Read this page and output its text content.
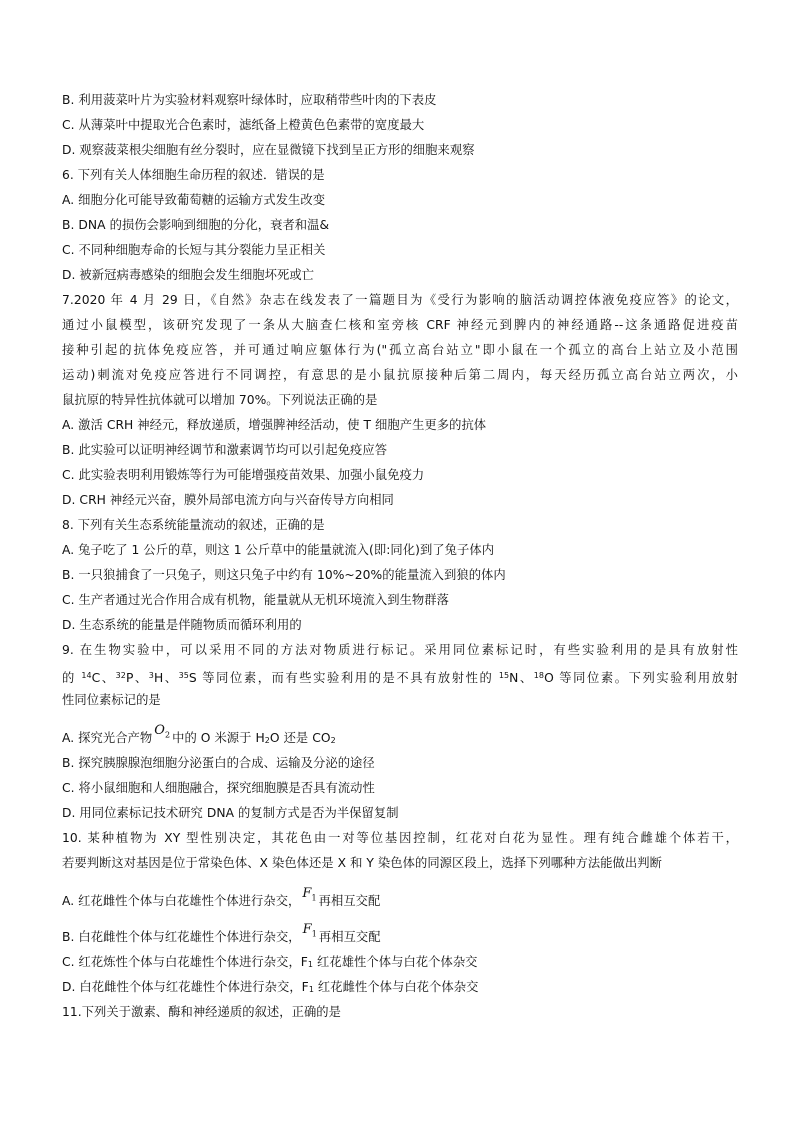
B. 利用菠菜叶片为实验材料观察叶绿体时，应取稍带些叶肉的下表皮
C. 从薄菜叶中提取光合色素时，滤纸备上橙黄色色素带的宽度最大
D. 观察菠菜根尖细胞有丝分裂时，应在显微镜下找到呈正方形的细胞来观察
6. 下列有关人体细胞生命历程的叙述．错误的是
A. 细胞分化可能导致葡萄糖的运输方式发生改变
B. DNA 的损伤会影响到细胞的分化，衰者和温&
C. 不同种细胞寿命的长短与其分裂能力呈正相关
D. 被新冠病毒感染的细胞会发生细胞坏死或亡
7.2020 年 4 月 29 日，《自然》杂志在线发表了一篇题目为《受行为影响的脑活动调控体液免疫应答》的论文，
通过小鼠模型，该研究发现了一条从大脑查仁核和室旁核 CRF 神经元到脾内的神经通路--这条通路促进疫苗
接种引起的抗体免疫应答，并可通过响应躯体行为("孤立高台站立"即小鼠在一个孤立的高台上站立及小范围
运动)刺流对免疫应答进行不同调控，有意思的是小鼠抗原接种后第二周内，每天经历孤立高台站立两次，小
鼠抗原的特异性抗体就可以增加 70%。下列说法正确的是
A. 激活 CRH 神经元，释放递质，增强脾神经活动，使 T 细胞产生更多的抗体
B. 此实验可以证明神经调节和激素调节均可以引起免疫应答
C. 此实验表明利用锻炼等行为可能增强疫苗效果、加强小鼠免疫力
D. CRH 神经元兴奋，膜外局部电流方向与兴奋传导方向相同
8. 下列有关生态系统能量流动的叙述，正确的是
A. 兔子吃了 1 公斤的草，则这 1 公斤草中的能量就流入(即:同化)到了兔子体内
B. 一只狼捕食了一只兔子，则这只兔子中约有 10%~20%的能量流入到狼的体内
C. 生产者通过光合作用合成有机物，能量就从无机环境流入到生物群落
D. 生态系统的能量是伴随物质而循环利用的
9. 在生物实验中，可以采用不同的方法对物质进行标记。采用同位素标记时，有些实验利用的是具有放射性
的 $^{14}$C、$^{32}$P、$^3$H、$^{35}$S 等同位素，而有些实验利用的是不具有放射性的 $^{15}$N、$^{18}$O 等同位素。下列实验利用放射
性同位素标记的是
A. 探究光合产物 $O_2$ 中的 O 米源于 $H_2O$ 还是 $CO_2$
B. 探究胰腺腺泡细胞分泌蛋白的合成、运输及分泌的途径
C. 将小鼠细胞和人细胞融合，探究细胞膜是否具有流动性
D. 用同位素标记技术研究 DNA 的复制方式是否为半保留复制
10. 某种植物为 XY 型性别决定，其花色由一对等位基因控制，红花对白花为显性。理有纯合雌雄个体若干，
若要判断这对基因是位于常染色体、X 染色体还是 X 和 Y 染色体的同源区段上，选择下列哪种方法能做出判断
A. 红花雌性个体与白花雄性个体进行杂交， $F_1$ 再相互交配
B. 白花雌性个体与红花雄性个体进行杂交， $F_1$ 再相互交配
C. 红花炼性个体与白花雄性个体进行杂交，$F_1$ 红花雄性个体与白花个体杂交
D. 白花雌性个体与红花雄性个体进行杂交，$F_1$ 红花雌性个体与白花个体杂交
11.下列关于激素、酶和神经递质的叙述，正确的是
